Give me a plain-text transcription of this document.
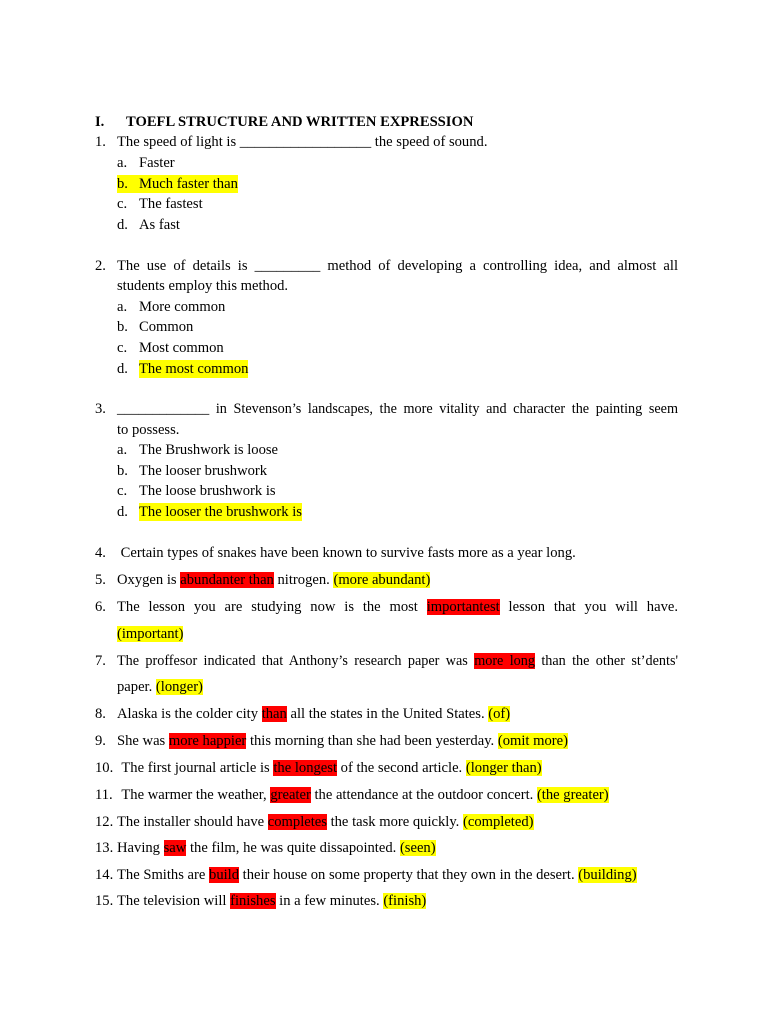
I. TOEFL STRUCTURE AND WRITTEN EXPRESSION
1. The speed of light is __________________ the speed of sound.
a. Faster
b. Much faster than
c. The fastest
d. As fast
2. The use of details is _________ method of developing a controlling idea, and almost all
students employ this method.
a. More common
b. Common
c. Most common
d. The most common
3. _____________ in Stevenson’s landscapes, the more vitality and character the painting seem
to possess.
a. The Brushwork is loose
b. The looser brushwork
c. The loose brushwork is
d. The looser the brushwork is
4. Certain types of snakes have been known to survive fasts more as a year long.
5. Oxygen is abundanter than nitrogen. (more abundant)
6. The lesson you are studying now is the most importantest lesson that you will have.
(important)
7. The proffesor indicated that Anthony’s research paper was more long than the other st’dents'
paper. (longer)
8. Alaska is the colder city than all the states in the United States. (of)
9. She was more happier this morning than she had been yesterday. (omit more)
10. The first journal article is the longest of the second article. (longer than)
11. The warmer the weather, greater the attendance at the outdoor concert. (the greater)
12. The installer should have completes the task more quickly. (completed)
13. Having saw the film, he was quite dissapointed. (seen)
14. The Smiths are build their house on some property that they own in the desert. (building)
15. The television will finishes in a few minutes. (finish)
